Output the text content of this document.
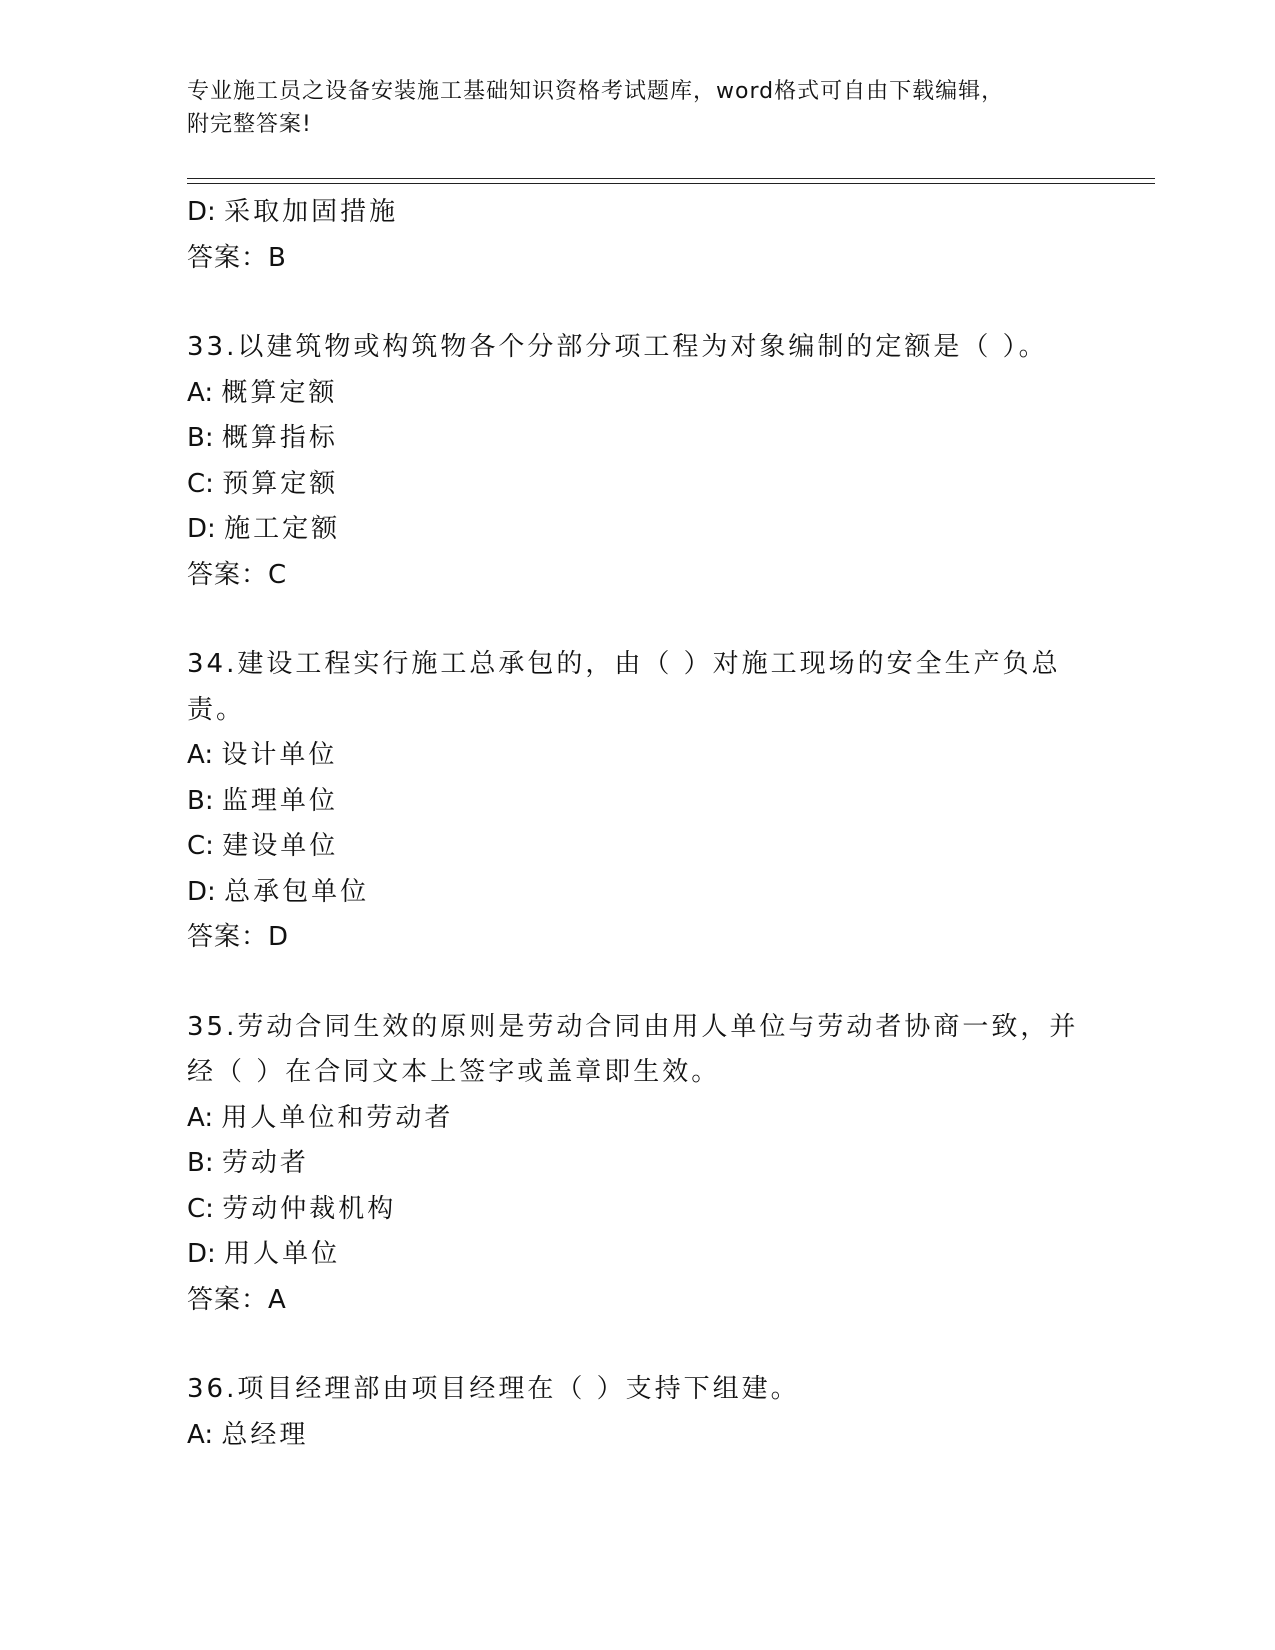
专业施工员之设备安装施工基础知识资格考试题库，word格式可自由下载编辑，
附完整答案!
D: 采取加固措施
答案：B
33.以建筑物或构筑物各个分部分项工程为对象编制的定额是（ ）。
A: 概算定额
B: 概算指标
C: 预算定额
D: 施工定额
答案：C
34.建设工程实行施工总承包的，由（ ）对施工现场的安全生产负总
责。
A: 设计单位
B: 监理单位
C: 建设单位
D: 总承包单位
答案：D
35.劳动合同生效的原则是劳动合同由用人单位与劳动者协商一致，并
经（ ）在合同文本上签字或盖章即生效。
A: 用人单位和劳动者
B: 劳动者
C: 劳动仲裁机构
D: 用人单位
答案：A
36.项目经理部由项目经理在（ ）支持下组建。
A: 总经理
